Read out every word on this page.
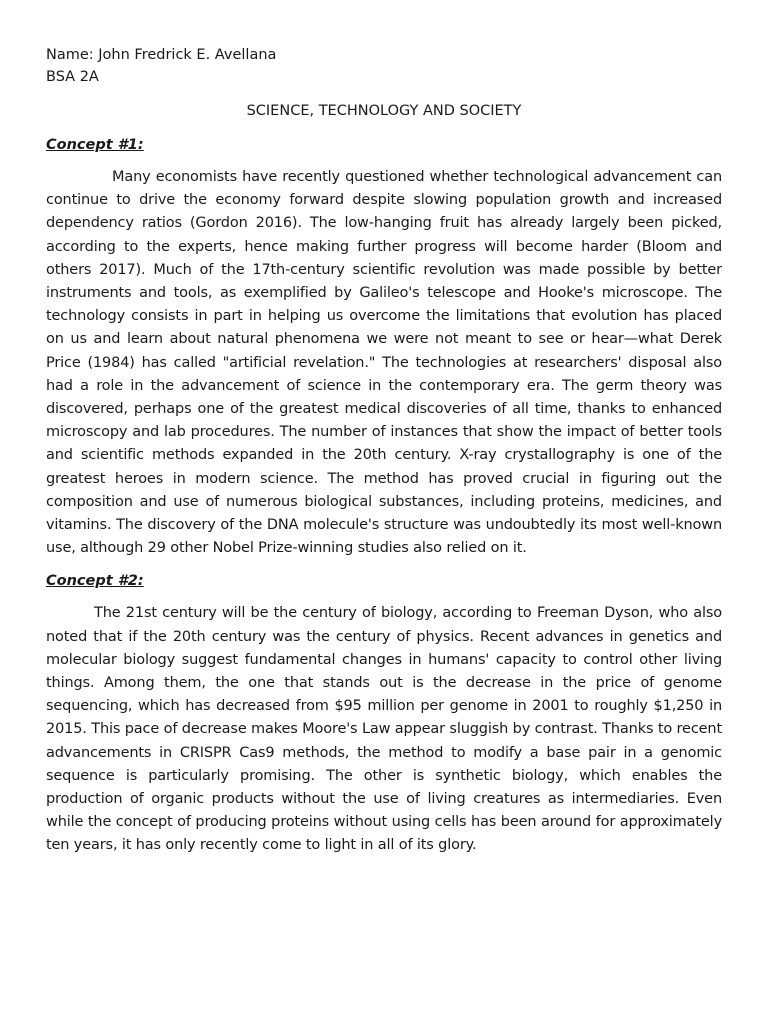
Name: John Fredrick E. Avellana

BSA 2A

SCIENCE, TECHNOLOGY AND SOCIETY

Concept #1:

Many economists have recently questioned whether technological advancement can continue to drive the economy forward despite slowing population growth and increased dependency ratios (Gordon 2016). The low-hanging fruit has already largely been picked, according to the experts, hence making further progress will become harder (Bloom and others 2017). Much of the 17th-century scientific revolution was made possible by better instruments and tools, as exemplified by Galileo's telescope and Hooke's microscope. The technology consists in part in helping us overcome the limitations that evolution has placed on us and learn about natural phenomena we were not meant to see or hear—what Derek Price (1984) has called "artificial revelation." The technologies at researchers' disposal also had a role in the advancement of science in the contemporary era. The germ theory was discovered, perhaps one of the greatest medical discoveries of all time, thanks to enhanced microscopy and lab procedures. The number of instances that show the impact of better tools and scientific methods expanded in the 20th century. X-ray crystallography is one of the greatest heroes in modern science. The method has proved crucial in figuring out the composition and use of numerous biological substances, including proteins, medicines, and vitamins. The discovery of the DNA molecule's structure was undoubtedly its most well-known use, although 29 other Nobel Prize-winning studies also relied on it.

Concept #2:

The 21st century will be the century of biology, according to Freeman Dyson, who also noted that if the 20th century was the century of physics. Recent advances in genetics and molecular biology suggest fundamental changes in humans' capacity to control other living things. Among them, the one that stands out is the decrease in the price of genome sequencing, which has decreased from $95 million per genome in 2001 to roughly $1,250 in 2015. This pace of decrease makes Moore's Law appear sluggish by contrast. Thanks to recent advancements in CRISPR Cas9 methods, the method to modify a base pair in a genomic sequence is particularly promising. The other is synthetic biology, which enables the production of organic products without the use of living creatures as intermediaries. Even while the concept of producing proteins without using cells has been around for approximately ten years, it has only recently come to light in all of its glory.
